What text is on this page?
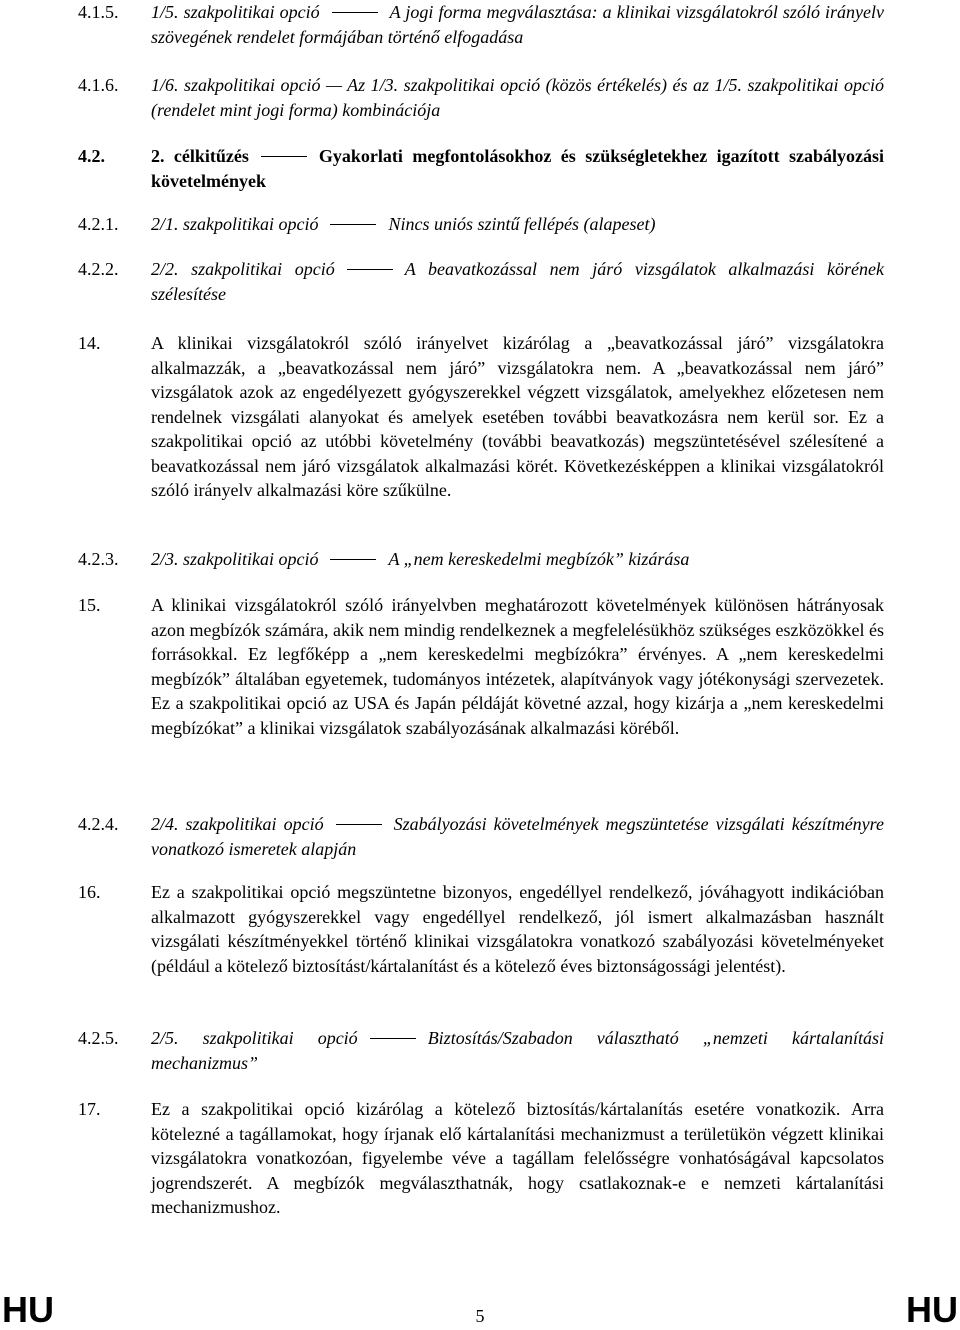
4.1.5.	1/5. szakpolitikai opció	A jogi forma megválasztása: a klinikai vizsgálatokról szóló irányelv szövegének rendelet formájában történő elfogadása
4.1.6.	1/6. szakpolitikai opció — Az 1/3. szakpolitikai opció (közös értékelés) és az 1/5. szakpolitikai opció (rendelet mint jogi forma) kombinációja
4.2.	2. célkitűzés	Gyakorlati megfontolásokhoz és szükségletekhez igazított szabályozási követelmények
4.2.1.	2/1. szakpolitikai opció	Nincs uniós szintű fellépés (alapeset)
4.2.2.	2/2. szakpolitikai opció	A beavatkozással nem járó vizsgálatok alkalmazási körének szélesítése
14.	A klinikai vizsgálatokról szóló irányelvet kizárólag a „beavatkozással járó” vizsgálatokra alkalmazzák, a „beavatkozással nem járó” vizsgálatokra nem. A „beavatkozással nem járó” vizsgálatok azok az engedélyezett gyógyszerekkel végzett vizsgálatok, amelyekhez előzetesen nem rendelnek vizsgálati alanyokat és amelyek esetében további beavatkozásra nem kerül sor. Ez a szakpolitikai opció az utóbbi követelmény (további beavatkozás) megszüntetésével szélesítené a beavatkozással nem járó vizsgálatok alkalmazási körét. Következésképpen a klinikai vizsgálatokról szóló irányelv alkalmazási köre szűkülne.
4.2.3.	2/3. szakpolitikai opció	A „nem kereskedelmi megbízók” kizárása
15.	A klinikai vizsgálatokról szóló irányelvben meghatározott követelmények különösen hátrányosak azon megbízók számára, akik nem mindig rendelkeznek a megfelelésükhöz szükséges eszközökkel és forrásokkal. Ez legfőképp a „nem kereskedelmi megbízókra” érvényes. A „nem kereskedelmi megbízók” általában egyetemek, tudományos intézetek, alapítványok vagy jótékonysági szervezetek. Ez a szakpolitikai opció az USA és Japán példáját követné azzal, hogy kizárja a „nem kereskedelmi megbízókat” a klinikai vizsgálatok szabályozásának alkalmazási köréből.
4.2.4.	2/4. szakpolitikai opció	Szabályozási követelmények megszüntetése vizsgálati készítményre vonatkozó ismeretek alapján
16.	Ez a szakpolitikai opció megszüntetne bizonyos, engedéllyel rendelkező, jóváhagyott indikációban alkalmazott gyógyszerekkel vagy engedéllyel rendelkező, jól ismert alkalmazásban használt vizsgálati készítményekkel történő klinikai vizsgálatokra vonatkozó szabályozási követelményeket (például a kötelező biztosítást/kártalanítást és a kötelező éves biztonságossági jelentést).
4.2.5.	2/5. szakpolitikai opció	Biztosítás/Szabadon választható „nemzeti kártalanítási mechanizmus”
17.	Ez a szakpolitikai opció kizárólag a kötelező biztosítás/kártalanítás esetére vonatkozik. Arra kötelezné a tagállamokat, hogy írjanak elő kártalanítási mechanizmust a területükön végzett klinikai vizsgálatokra vonatkozóan, figyelembe véve a tagállam felelősségre vonhatóságával kapcsolatos jogrendszerét. A megbízók megválaszthatnák, hogy csatlakoznak-e e nemzeti kártalanítási mechanizmushoz.
HU	5	HU
